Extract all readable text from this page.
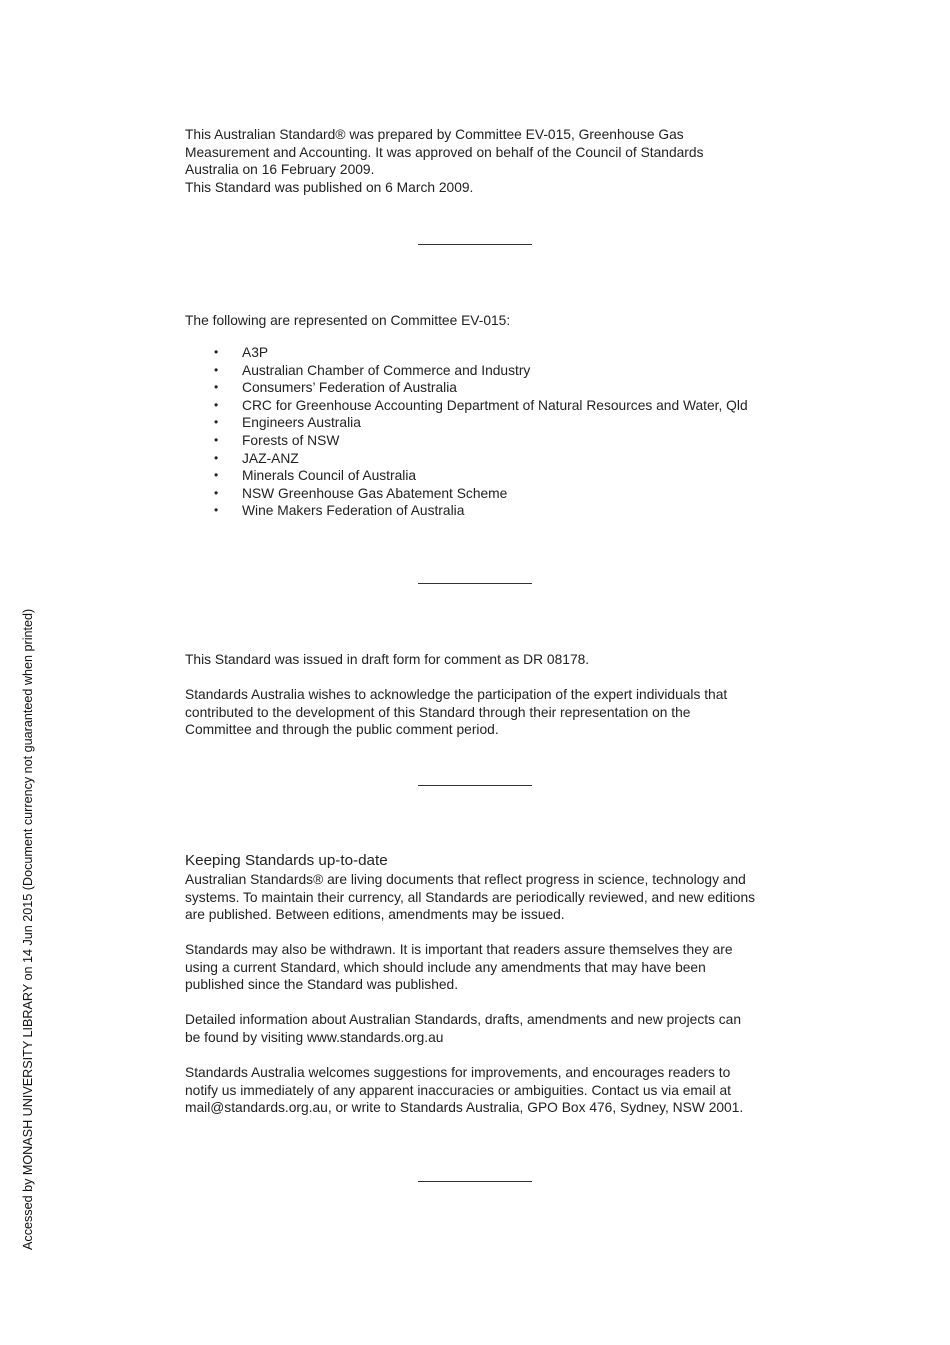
This Australian Standard® was prepared by Committee EV-015, Greenhouse Gas

Measurement and Accounting. It was approved on behalf of the Council of Standards

Australia on 16 February 2009.

This Standard was published on 6 March 2009.

The following are represented on Committee EV-015:

• A3P
• Australian Chamber of Commerce and Industry
• Consumers’ Federation of Australia
• CRC for Greenhouse Accounting Department of Natural Resources and Water, Qld
• Engineers Australia
• Forests of NSW
• JAZ-ANZ
• Minerals Council of Australia
• NSW Greenhouse Gas Abatement Scheme
• Wine Makers Federation of Australia

This Standard was issued in draft form for comment as DR 08178.

Standards Australia wishes to acknowledge the participation of the expert individuals that

contributed to the development of this Standard through their representation on the

Committee and through the public comment period.

Keeping Standards up-to-date

Australian Standards® are living documents that reflect progress in science, technology and

systems. To maintain their currency, all Standards are periodically reviewed, and new editions

are published. Between editions, amendments may be issued.

Standards may also be withdrawn. It is important that readers assure themselves they are

using a current Standard, which should include any amendments that may have been

published since the Standard was published.

Detailed information about Australian Standards, drafts, amendments and new projects can

be found by visiting www.standards.org.au

Standards Australia welcomes suggestions for improvements, and encourages readers to

notify us immediately of any apparent inaccuracies or ambiguities. Contact us via email at

mail@standards.org.au, or write to Standards Australia, GPO Box 476, Sydney, NSW 2001.

Accessed by MONASH UNIVERSITY LIBRARY on 14 Jun 2015 (Document currency not guaranteed when printed)
